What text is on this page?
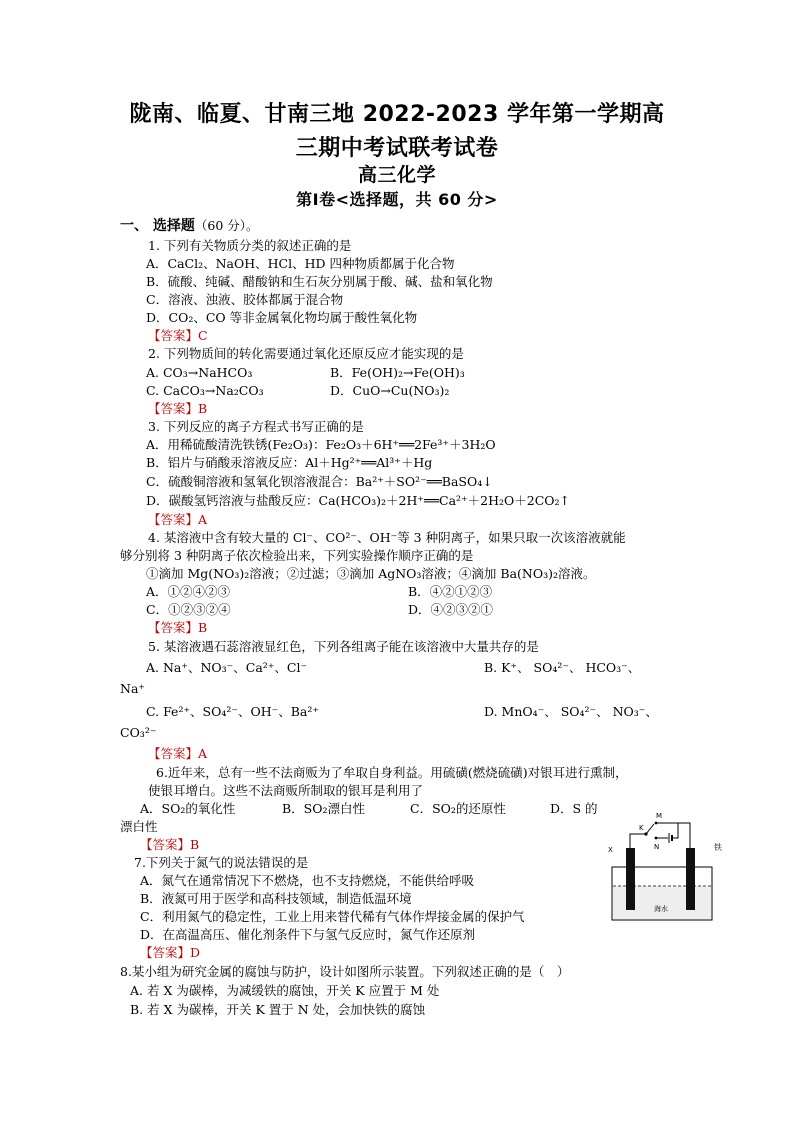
陇南、临夏、甘南三地 2022-2023 学年第一学期高
三期中考试联考试卷
高三化学
第Ⅰ卷<选择题，共 60 分>
一、 选择题（60 分）。
1. 下列有关物质分类的叙述正确的是
A．CaCl₂、NaOH、HCl、HD 四种物质都属于化合物
B．硫酸、纯碱、醋酸钠和生石灰分别属于酸、碱、盐和氧化物
C．溶液、浊液、胶体都属于混合物
D．CO₂、CO 等非金属氧化物均属于酸性氧化物
【答案】C
2. 下列物质间的转化需要通过氧化还原反应才能实现的是
A. CO₃→NaHCO₃	B．Fe(OH)₂→Fe(OH)₃
C. CaCO₃→Na₂CO₃	D．CuO→Cu(NO₃)₂
【答案】B
3. 下列反应的离子方程式书写正确的是
A．用稀硫酸清洗铁锈(Fe₂O₃)：Fe₂O₃＋6H⁺══2Fe³⁺＋3H₂O
B．铝片与硝酸汞溶液反应：Al＋Hg²⁺══Al³⁺＋Hg
C．硫酸铜溶液和氢氧化钡溶液混合：Ba²⁺＋SO²⁻══BaSO₄↓
D．碳酸氢钙溶液与盐酸反应：Ca(HCO₃)₂＋2H⁺══Ca²⁺＋2H₂O＋2CO₂↑
【答案】A
4. 某溶液中含有较大量的 Cl⁻、CO²⁻、OH⁻等 3 种阴离子，如果只取一次该溶液就能
够分别将 3 种阴离子依次检验出来，下列实验操作顺序正确的是
①滴加 Mg(NO₃)₂溶液；②过滤；③滴加 AgNO₃溶液；④滴加 Ba(NO₃)₂溶液。
A．①②④②③	B．④②①②③
C．①②③②④	D．④②③②①
【答案】B
5. 某溶液遇石蕊溶液显红色，下列各组离子能在该溶液中大量共存的是
A. Na⁺、NO₃⁻、Ca²⁺、Cl⁻	B. K⁺、 SO₄²⁻、 HCO₃⁻、
Na⁺
C. Fe²⁺、SO₄²⁻、OH⁻、Ba²⁺	D. MnO₄⁻、 SO₄²⁻、 NO₃⁻、
CO₃²⁻
【答案】A
6.近年来，总有一些不法商贩为了牟取自身利益。用硫磺(燃烧硫磺)对银耳进行熏制，
使银耳增白。这些不法商贩所制取的银耳是利用了
A．SO₂的氧化性	B．SO₂漂白性	C．SO₂的还原性	D．S 的
漂白性
【答案】B
7.下列关于氮气的说法错误的是
A．氮气在通常情况下不燃烧，也不支持燃烧，不能供给呼吸
B．液氮可用于医学和高科技领域，制造低温环境
C．利用氮气的稳定性，工业上用来替代稀有气体作焊接金属的保护气
D．在高温高压、催化剂条件下与氢气反应时，氮气作还原剂
【答案】D
8.某小组为研究金属的腐蚀与防护，设计如图所示装置。下列叙述正确的是（　）
A. 若 X 为碳棒，为减缓铁的腐蚀，开关 K 应置于 M 处
B. 若 X 为碳棒，开关 K 置于 N 处，会加快铁的腐蚀
M
K
N
X	铁
海水
